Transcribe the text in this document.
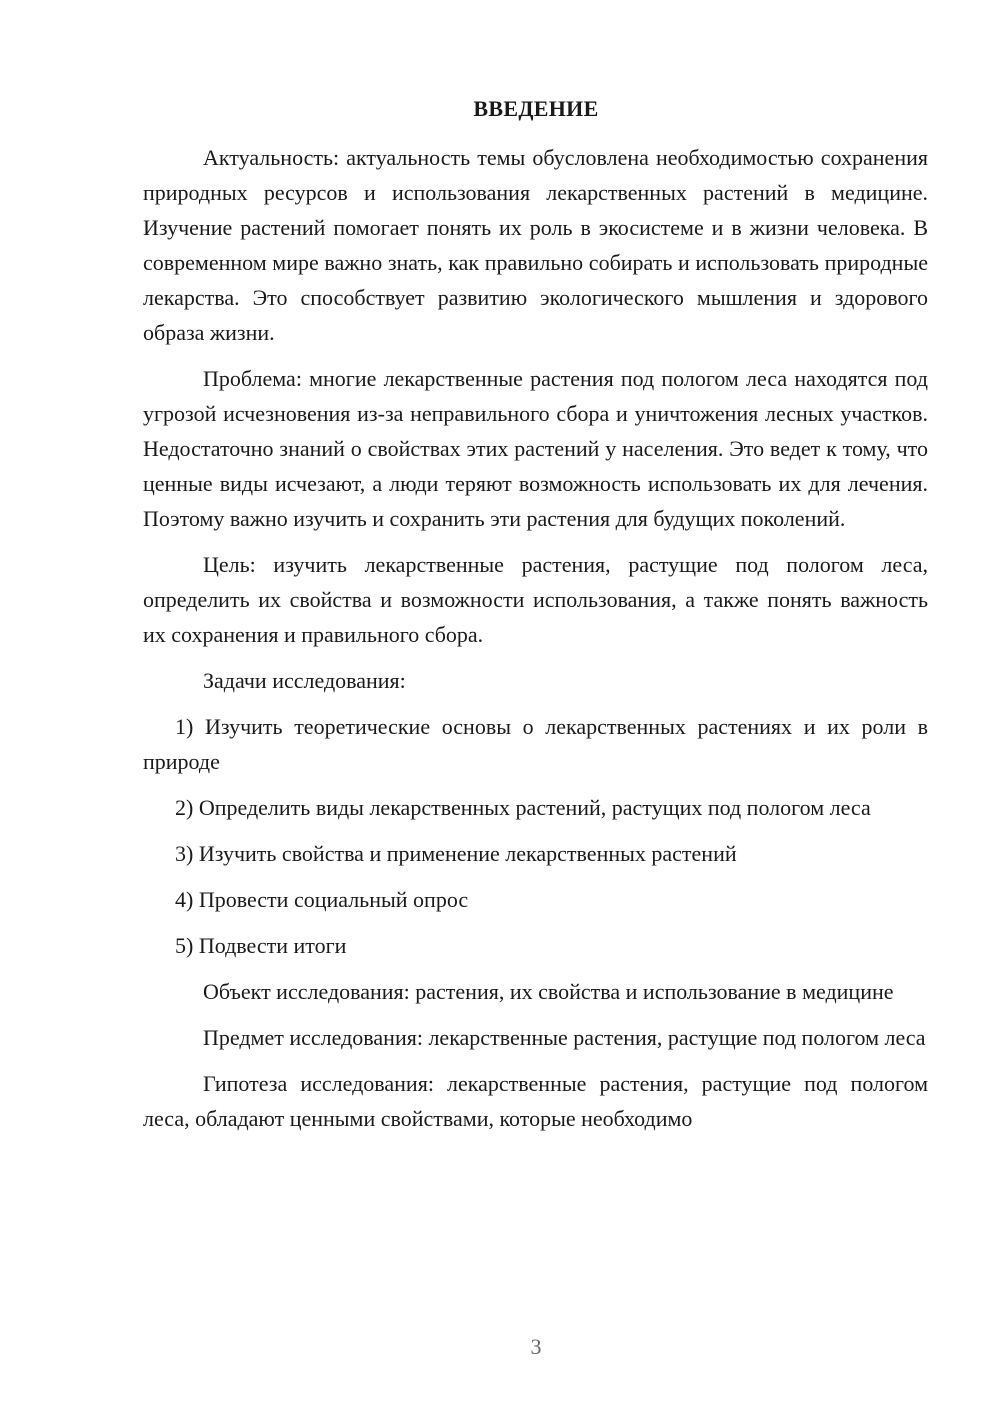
ВВЕДЕНИЕ

Актуальность: актуальность темы обусловлена необходимостью сохранения природных ресурсов и использования лекарственных растений в медицине. Изучение растений помогает понять их роль в экосистеме и в жизни человека. В современном мире важно знать, как правильно собирать и использовать природные лекарства. Это способствует развитию экологического мышления и здорового образа жизни.

Проблема: многие лекарственные растения под пологом леса находятся под угрозой исчезновения из-за неправильного сбора и уничтожения лесных участков. Недостаточно знаний о свойствах этих растений у населения. Это ведет к тому, что ценные виды исчезают, а люди теряют возможность использовать их для лечения. Поэтому важно изучить и сохранить эти растения для будущих поколений.

Цель: изучить лекарственные растения, растущие под пологом леса, определить их свойства и возможности использования, а также понять важность их сохранения и правильного сбора.

Задачи исследования:

1) Изучить теоретические основы о лекарственных растениях и их роли в природе

2) Определить виды лекарственных растений, растущих под пологом леса

3) Изучить свойства и применение лекарственных растений

4) Провести социальный опрос

5) Подвести итоги

Объект исследования: растения, их свойства и использование в медицине

Предмет исследования: лекарственные растения, растущие под пологом леса

Гипотеза исследования: лекарственные растения, растущие под пологом леса, обладают ценными свойствами, которые необходимо

3
